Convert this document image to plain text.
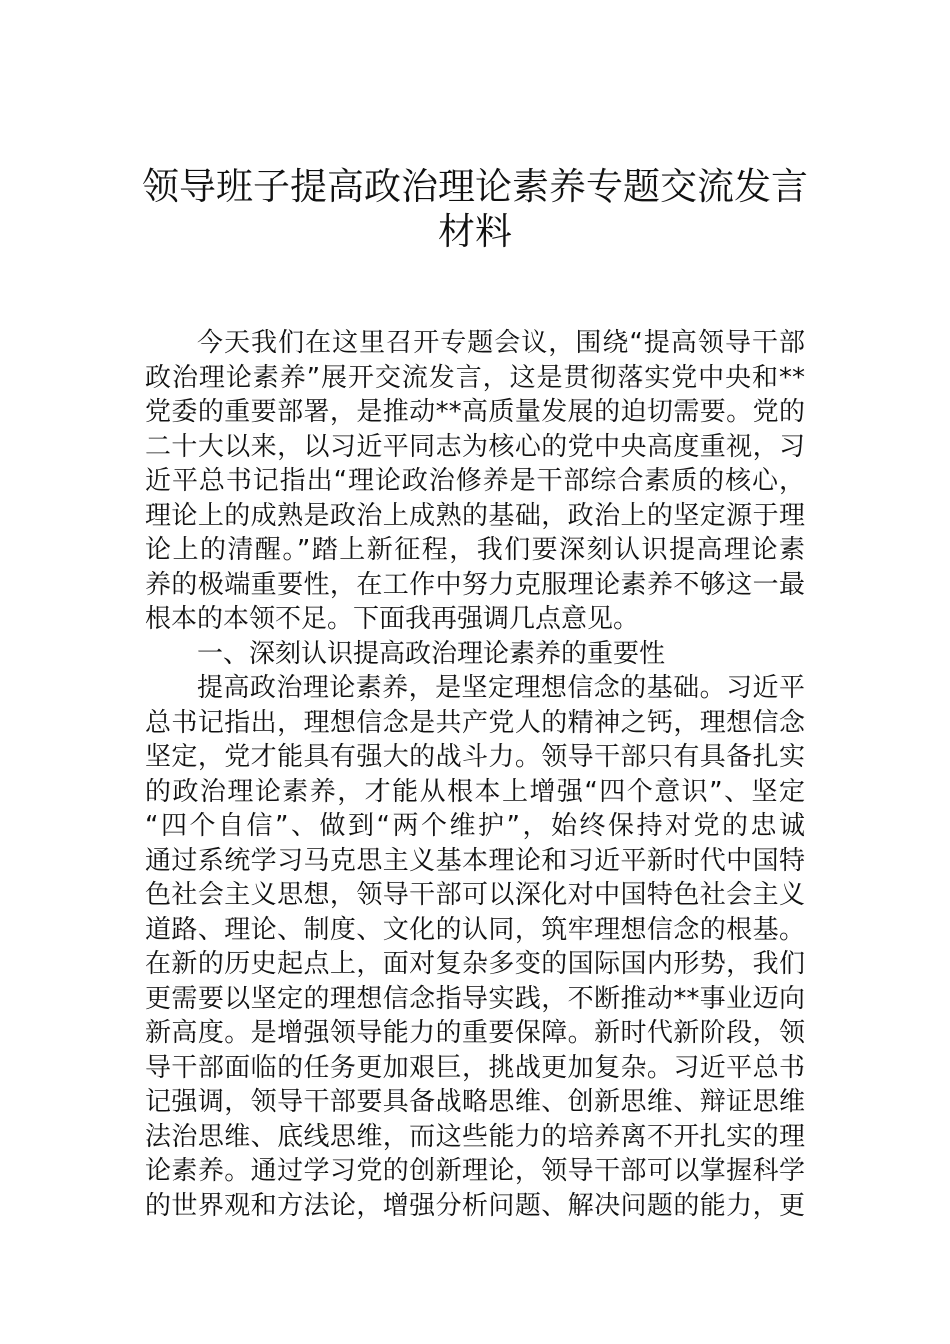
领导班子提高政治理论素养专题交流发言
材料
今天我们在这里召开专题会议，围绕“提高领导干部
政治理论素养”展开交流发言，这是贯彻落实党中央和**
党委的重要部署，是推动**高质量发展的迫切需要。党的
二十大以来，以习近平同志为核心的党中央高度重视，习
近平总书记指出“理论政治修养是干部综合素质的核心，
理论上的成熟是政治上成熟的基础，政治上的坚定源于理
论上的清醒。”踏上新征程，我们要深刻认识提高理论素
养的极端重要性，在工作中努力克服理论素养不够这一最
根本的本领不足。下面我再强调几点意见。
一、深刻认识提高政治理论素养的重要性
提高政治理论素养，是坚定理想信念的基础。习近平
总书记指出，理想信念是共产党人的精神之钙，理想信念
坚定，党才能具有强大的战斗力。领导干部只有具备扎实
的政治理论素养，才能从根本上增强“四个意识”、坚定
“四个自信”、做到“两个维护”，始终保持对党的忠诚
通过系统学习马克思主义基本理论和习近平新时代中国特
色社会主义思想，领导干部可以深化对中国特色社会主义
道路、理论、制度、文化的认同，筑牢理想信念的根基。
在新的历史起点上，面对复杂多变的国际国内形势，我们
更需要以坚定的理想信念指导实践，不断推动**事业迈向
新高度。是增强领导能力的重要保障。新时代新阶段，领
导干部面临的任务更加艰巨，挑战更加复杂。习近平总书
记强调，领导干部要具备战略思维、创新思维、辩证思维
法治思维、底线思维，而这些能力的培养离不开扎实的理
论素养。通过学习党的创新理论，领导干部可以掌握科学
的世界观和方法论，增强分析问题、解决问题的能力，更
